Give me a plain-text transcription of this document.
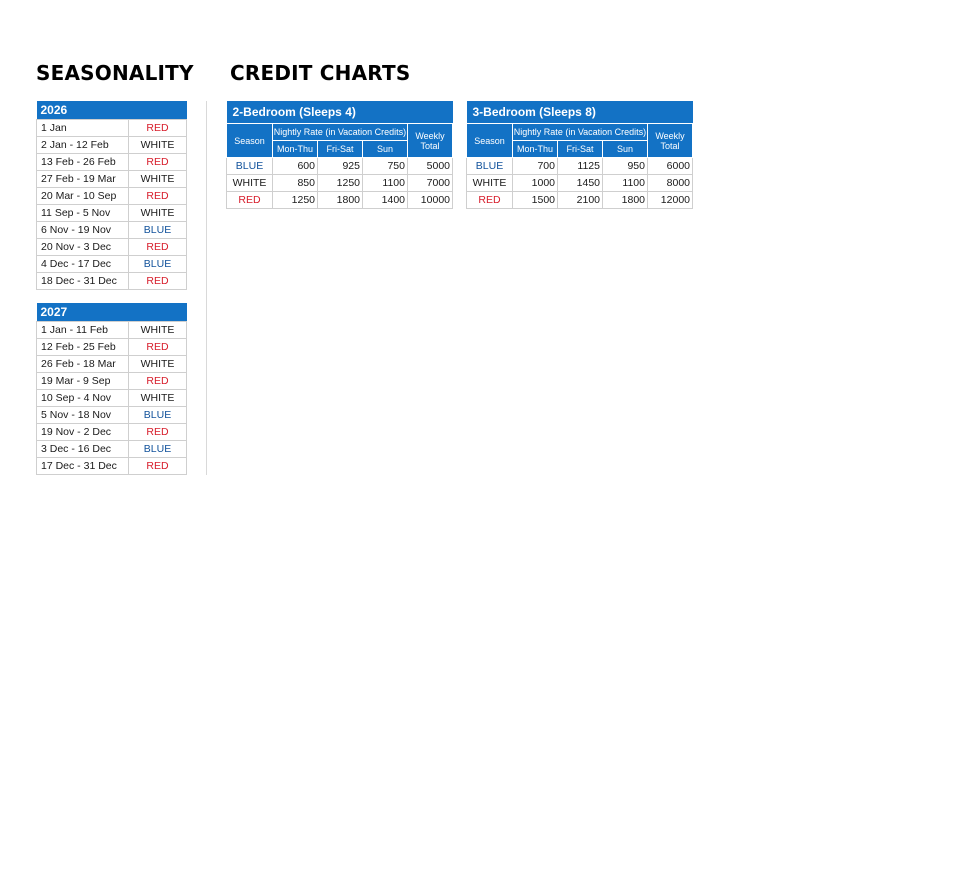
SEASONALITY CREDIT CHARTS
2026	
1 Jan	RED
2 Jan - 12 Feb	WHITE
13 Feb - 26 Feb	RED
27 Feb - 19 Mar	WHITE
20 Mar - 10 Sep	RED
11 Sep - 5 Nov	WHITE
6 Nov - 19 Nov	BLUE
20 Nov - 3 Dec	RED
4 Dec - 17 Dec	BLUE
18 Dec - 31 Dec	RED
2027	
1 Jan - 11 Feb	WHITE
12 Feb - 25 Feb	RED
26 Feb - 18 Mar	WHITE
19 Mar - 9 Sep	RED
10 Sep - 4 Nov	WHITE
5 Nov - 18 Nov	BLUE
19 Nov - 2 Dec	RED
3 Dec - 16 Dec	BLUE
17 Dec - 31 Dec	RED
2-Bedroom (Sleeps 4)				
Season	Nightly Rate (in Vacation Credits)			Weekly Total
	Mon-Thu	Fri-Sat	Sun	
BLUE	600	925	750	5000
WHITE	850	1250	1100	7000
RED	1250	1800	1400	10000
3-Bedroom (Sleeps 8)				
Season	Nightly Rate (in Vacation Credits)			Weekly Total
	Mon-Thu	Fri-Sat	Sun	
BLUE	700	1125	950	6000
WHITE	1000	1450	1100	8000
RED	1500	2100	1800	12000
